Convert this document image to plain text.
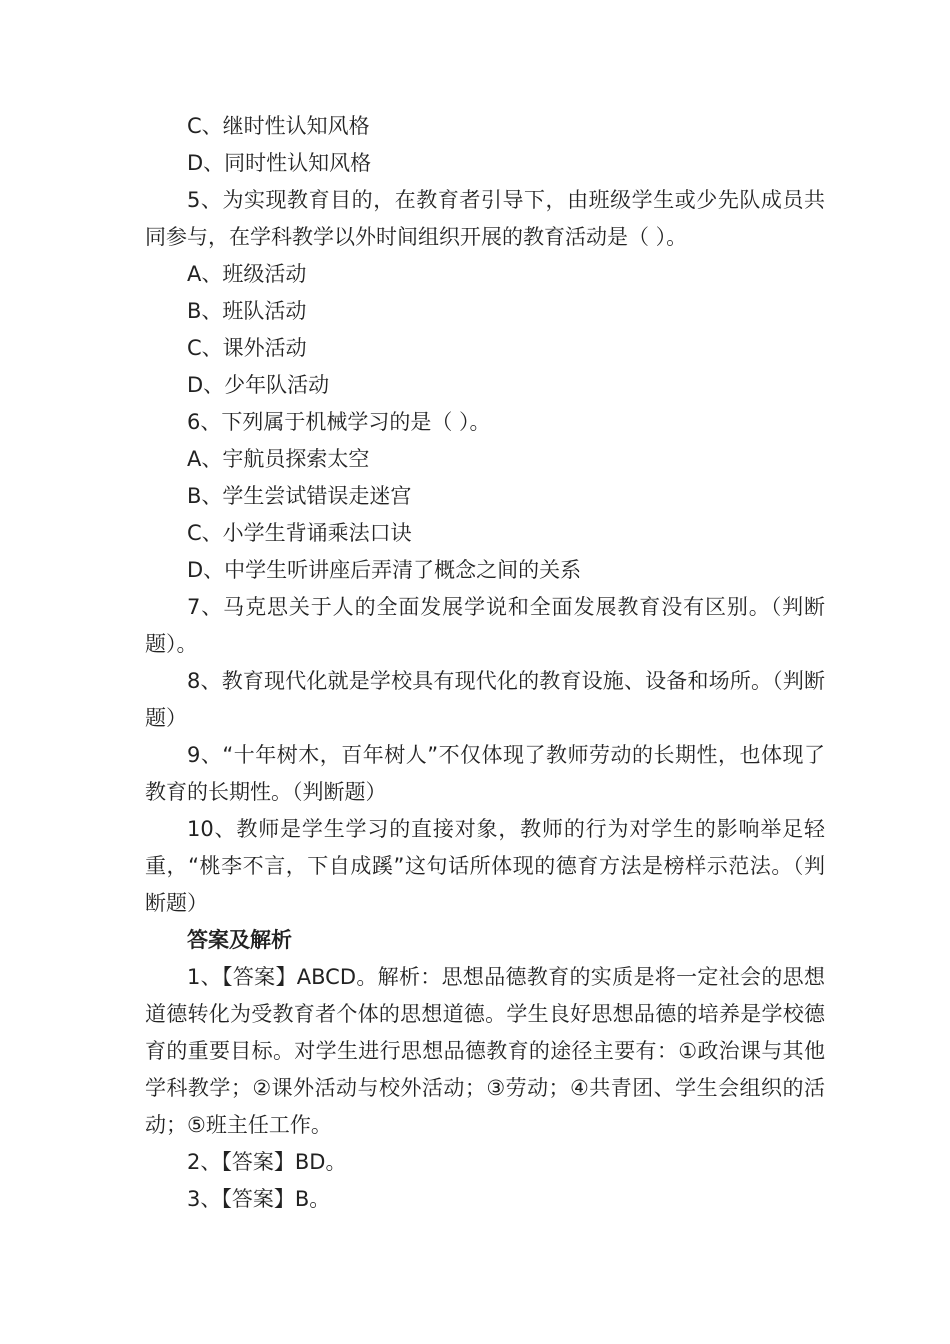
C、继时性认知风格

D、同时性认知风格

5、为实现教育目的，在教育者引导下，由班级学生或少先队成员共同参与，在学科教学以外时间组织开展的教育活动是（ ）。

A、班级活动

B、班队活动

C、课外活动

D、少年队活动

6、下列属于机械学习的是（ ）。

A、宇航员探索太空

B、学生尝试错误走迷宫

C、小学生背诵乘法口诀

D、中学生听讲座后弄清了概念之间的关系

7、马克思关于人的全面发展学说和全面发展教育没有区别。（判断题）。

8、教育现代化就是学校具有现代化的教育设施、设备和场所。（判断题）

9、“十年树木，百年树人”不仅体现了教师劳动的长期性，也体现了教育的长期性。（判断题）

10、教师是学生学习的直接对象，教师的行为对学生的影响举足轻重，“桃李不言，下自成蹊”这句话所体现的德育方法是榜样示范法。（判断题）

答案及解析

1、【答案】ABCD。解析：思想品德教育的实质是将一定社会的思想道德转化为受教育者个体的思想道德。学生良好思想品德的培养是学校德育的重要目标。对学生进行思想品德教育的途径主要有：①政治课与其他学科教学；②课外活动与校外活动；③劳动；④共青团、学生会组织的活动；⑤班主任工作。

2、【答案】BD。

3、【答案】B。
